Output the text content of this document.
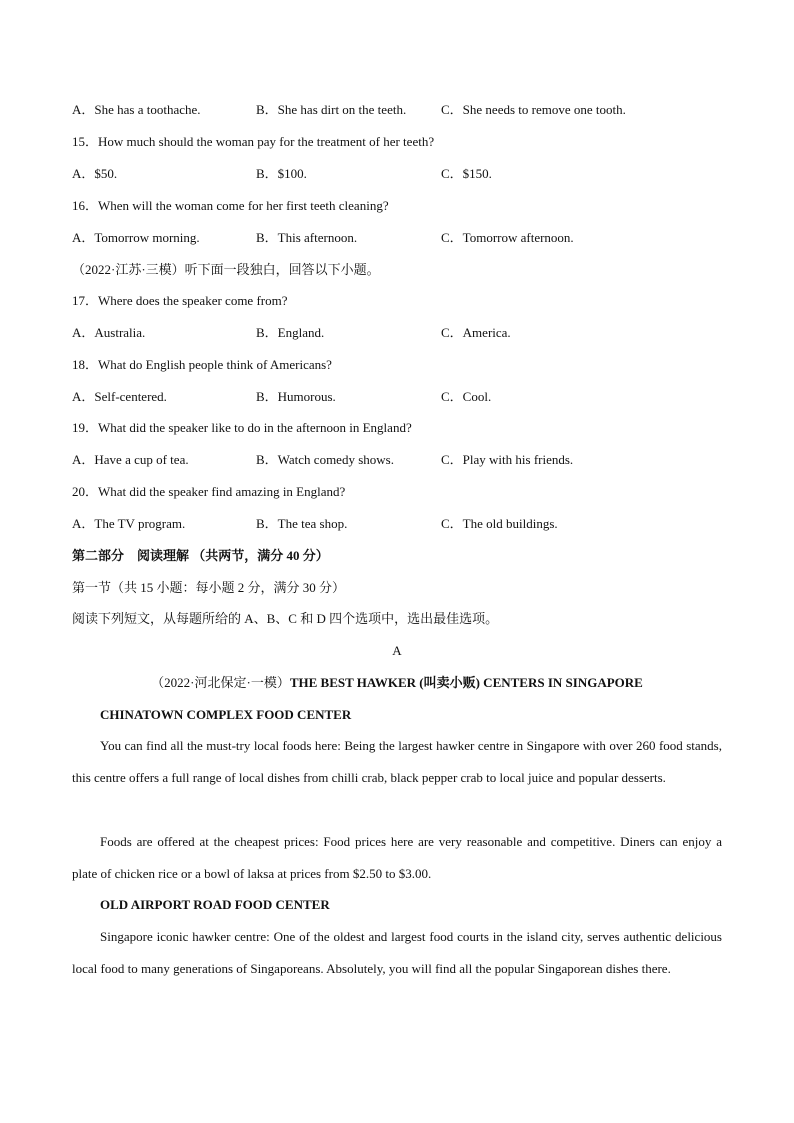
A．She has a toothache.	B．She has dirt on the teeth.	C．She needs to remove one tooth.
15．How much should the woman pay for the treatment of her teeth?
A．$50.	B．$100.	C．$150.
16．When will the woman come for her first teeth cleaning?
A．Tomorrow morning.	B．This afternoon.	C．Tomorrow afternoon.
（2022·江苏·三模）听下面一段独白，回答以下小题。
17．Where does the speaker come from?
A．Australia.	B．England.	C．America.
18．What do English people think of Americans?
A．Self-centered.	B．Humorous.	C．Cool.
19．What did the speaker like to do in the afternoon in England?
A．Have a cup of tea.	B．Watch comedy shows.	C．Play with his friends.
20．What did the speaker find amazing in England?
A．The TV program.	B．The tea shop.	C．The old buildings.
第二部分　阅读理解 （共两节，满分 40 分）
第一节（共 15 小题：每小题 2 分，满分 30 分）
阅读下列短文，从每题所给的 A、B、C 和 D 四个选项中，选出最佳选项。
A
（2022·河北保定·一模）THE BEST HAWKER (叫卖小贩) CENTERS IN SINGAPORE
CHINATOWN COMPLEX FOOD CENTER
You can find all the must-try local foods here: Being the largest hawker centre in Singapore with over 260 food stands, this centre offers a full range of local dishes from chilli crab, black pepper crab to local juice and popular desserts.
Foods are offered at the cheapest prices: Food prices here are very reasonable and competitive. Diners can enjoy a plate of chicken rice or a bowl of laksa at prices from $2.50 to $3.00.
OLD AIRPORT ROAD FOOD CENTER
Singapore iconic hawker centre: One of the oldest and largest food courts in the island city, serves authentic delicious local food to many generations of Singaporeans. Absolutely, you will find all the popular Singaporean dishes there.
